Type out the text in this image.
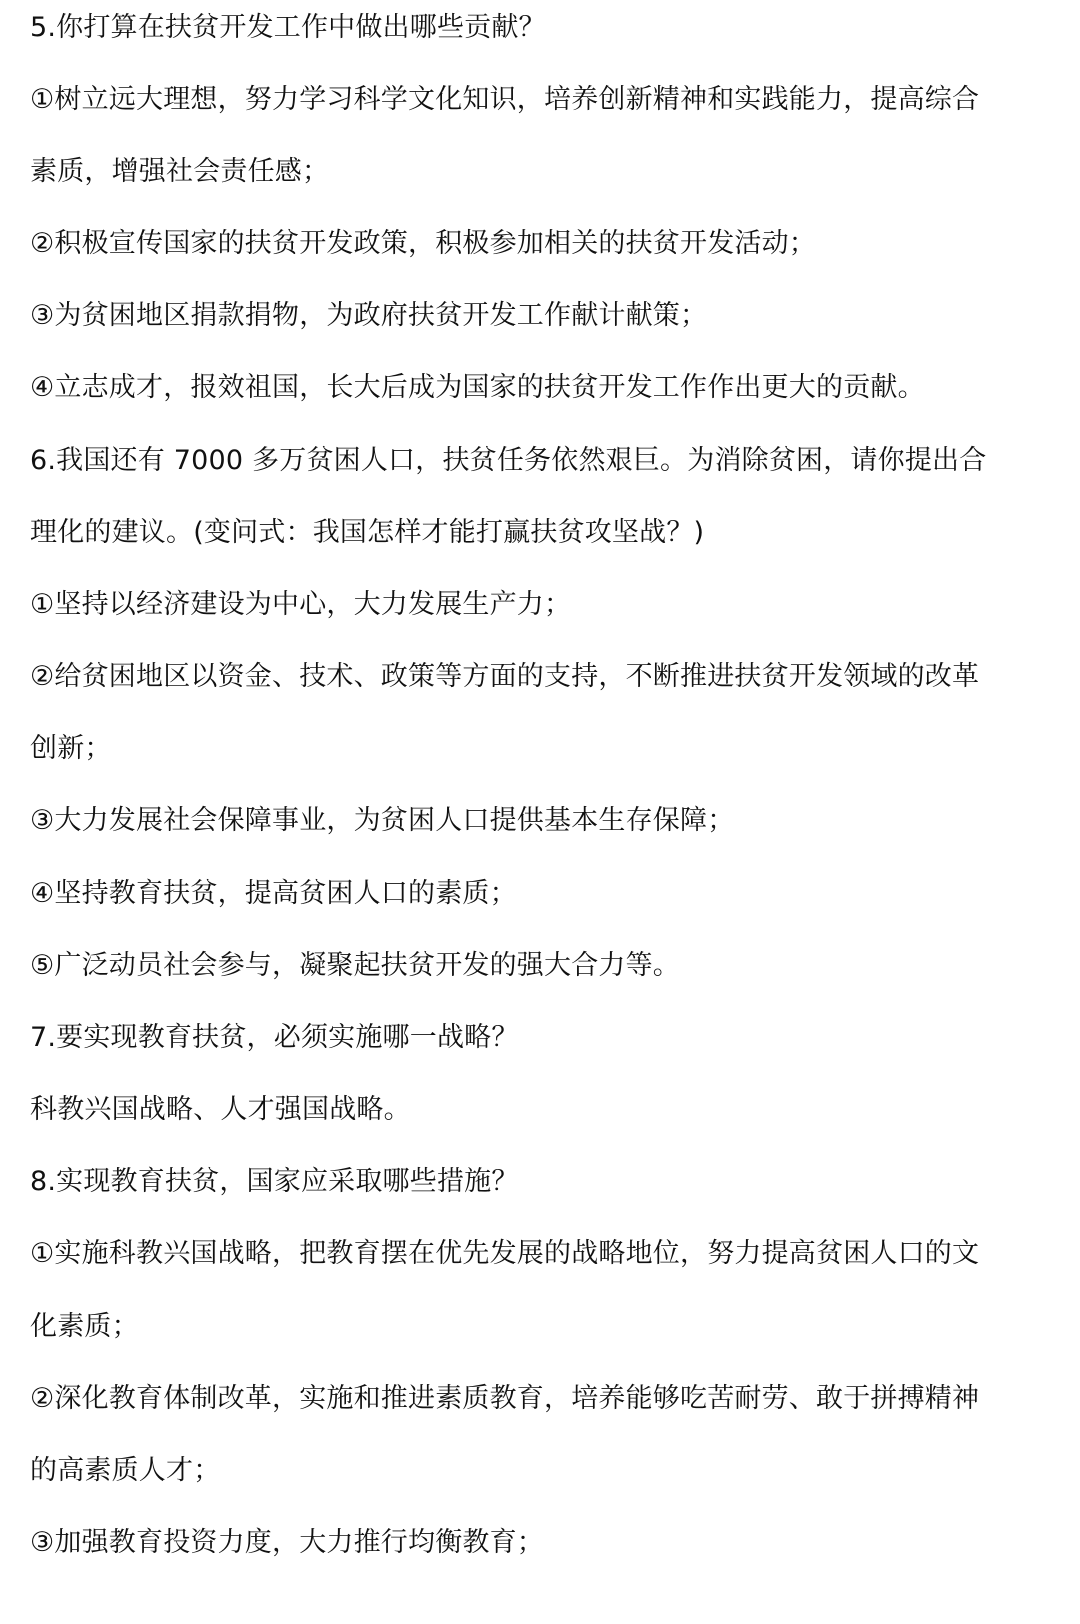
5.你打算在扶贫开发工作中做出哪些贡献？
①树立远大理想，努力学习科学文化知识，培养创新精神和实践能力，提高综合
素质，增强社会责任感；
②积极宣传国家的扶贫开发政策，积极参加相关的扶贫开发活动；
③为贫困地区捐款捐物，为政府扶贫开发工作献计献策；
④立志成才，报效祖国，长大后成为国家的扶贫开发工作作出更大的贡献。
6.我国还有 7000 多万贫困人口，扶贫任务依然艰巨。为消除贫困，请你提出合
理化的建议。(变问式：我国怎样才能打赢扶贫攻坚战？)
①坚持以经济建设为中心，大力发展生产力；
②给贫困地区以资金、技术、政策等方面的支持，不断推进扶贫开发领域的改革
创新；
③大力发展社会保障事业，为贫困人口提供基本生存保障；
④坚持教育扶贫，提高贫困人口的素质；
⑤广泛动员社会参与，凝聚起扶贫开发的强大合力等。
7.要实现教育扶贫，必须实施哪一战略？
科教兴国战略、人才强国战略。
8.实现教育扶贫，国家应采取哪些措施？
①实施科教兴国战略，把教育摆在优先发展的战略地位，努力提高贫困人口的文
化素质；
②深化教育体制改革，实施和推进素质教育，培养能够吃苦耐劳、敢于拼搏精神
的高素质人才；
③加强教育投资力度，大力推行均衡教育；
